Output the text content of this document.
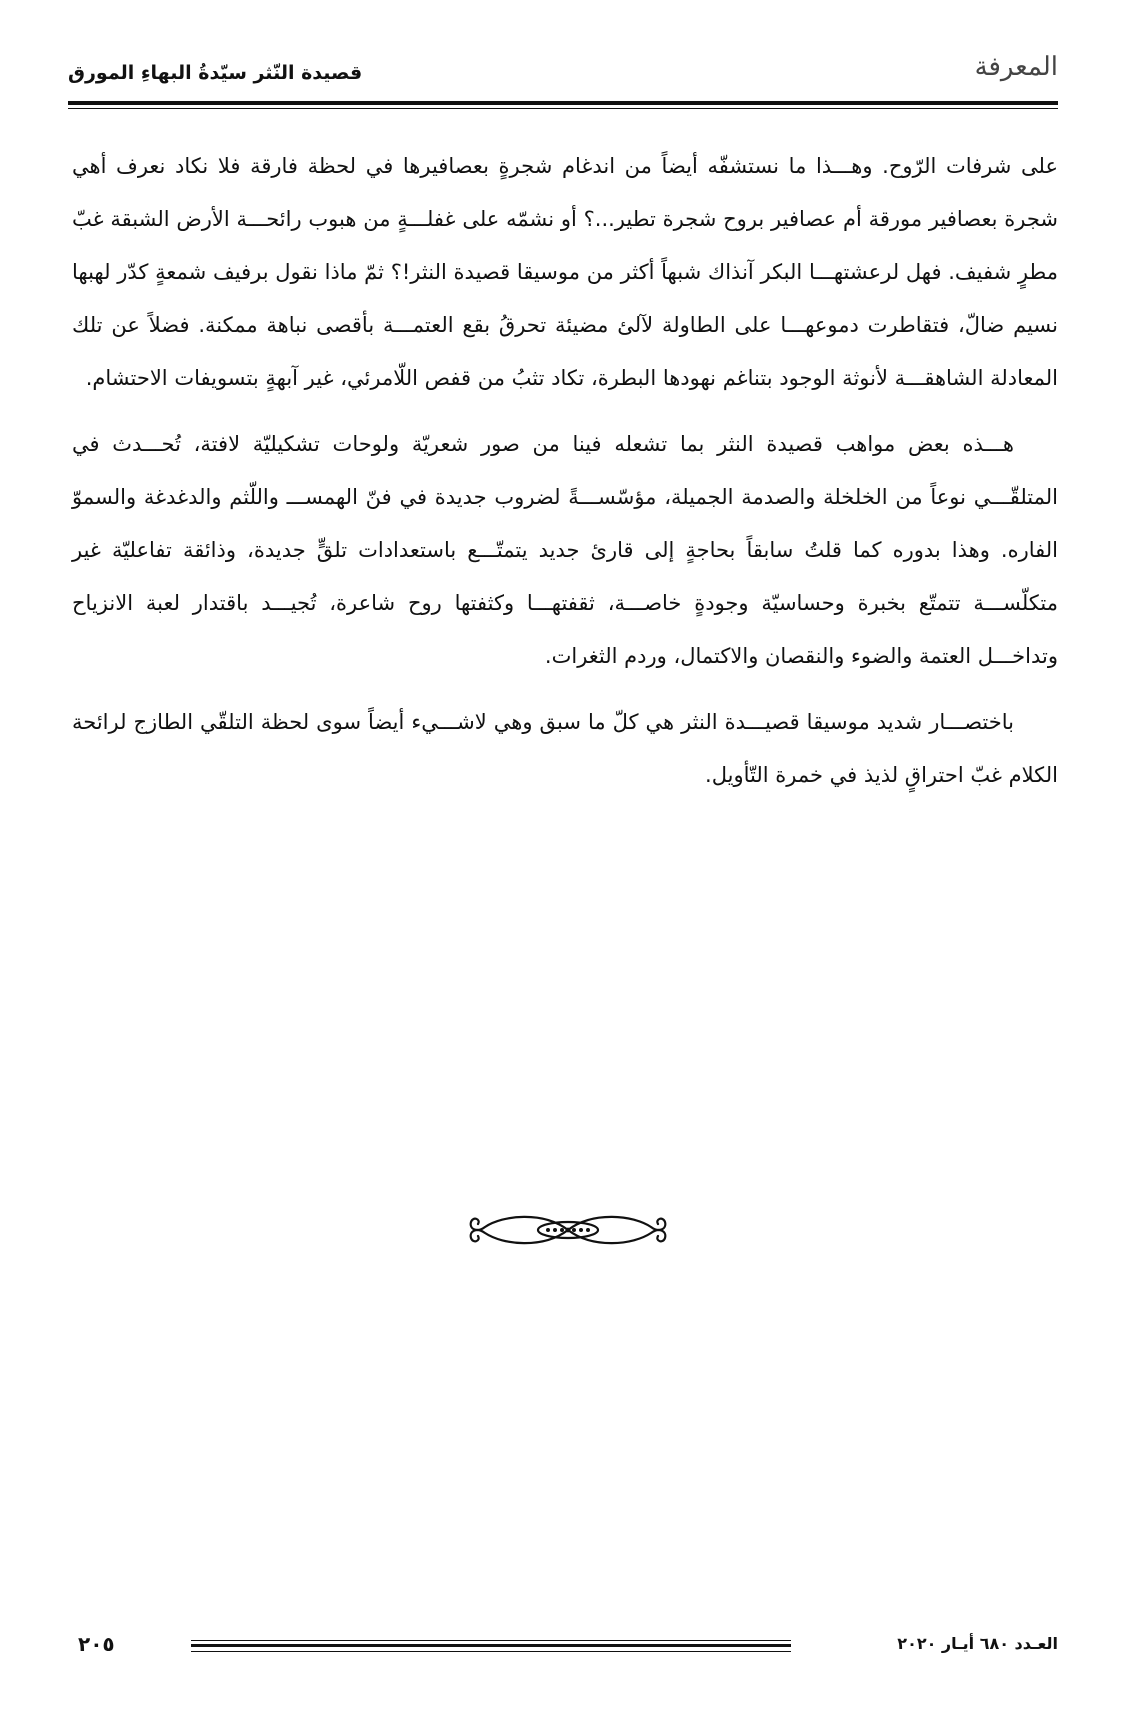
المعرفة
قصيدة النّثر سيّدةُ البهاءِ المورق

على شرفات الرّوح. وهـــذا ما نستشفّه أيضاً من اندغام شجرةٍ بعصافيرها في لحظة فارقة فلا نكاد نعرف أهي شجرة بعصافير مورقة أم عصافير بروح شجرة تطير...؟ أو نشمّه على غفلـــةٍ من هبوب رائحـــة الأرض الشبقة غبّ مطرٍ شفيف. فهل لرعشتهـــا البكر آنذاك شبهاً أكثر من موسيقا قصيدة النثر!؟ ثمّ ماذا نقول برفيف شمعةٍ كدّر لهبها نسيم ضالّ، فتقاطرت دموعهـــا على الطاولة لآلئ مضيئة تحرقُ بقع العتمـــة بأقصى نباهة ممكنة. فضلاً عن تلك المعادلة الشاهقـــة لأنوثة الوجود بتناغم نهودها البطرة، تكاد تثبُ من قفص اللّامرئي، غير آبهةٍ بتسويفات الاحتشام.

هـــذه بعض مواهب قصيدة النثر بما تشعله فينا من صور شعريّة ولوحات تشكيليّة لافتة، تُحـــدث في المتلقّـــي نوعاً من الخلخلة والصدمة الجميلة، مؤسّســـةً لضروب جديدة في فنّ الهمســـ واللّثم والدغدغة والسموّ الفاره. وهذا بدوره كما قلتُ سابقاً بحاجةٍ إلى قارئ جديد يتمتّـــع باستعدادات تلقٍّ جديدة، وذائقة تفاعليّة غير متكلّســـة تتمتّع بخبرة وحساسيّة وجودةٍ خاصـــة، ثقفتهـــا وكثفتها روح شاعرة، تُجيـــد باقتدار لعبة الانزياح وتداخـــل العتمة والضوء والنقصان والاكتمال، وردم الثغرات.

باختصـــار شديد موسيقا قصيـــدة النثر هي كلّ ما سبق وهي لاشـــيء أيضاً سوى لحظة التلقّي الطازج لرائحة الكلام غبّ احتراقٍ لذيذ في خمرة التّأويل.

٢٠٥	العـدد ٦٨٠ أيـار ٢٠٢٠
